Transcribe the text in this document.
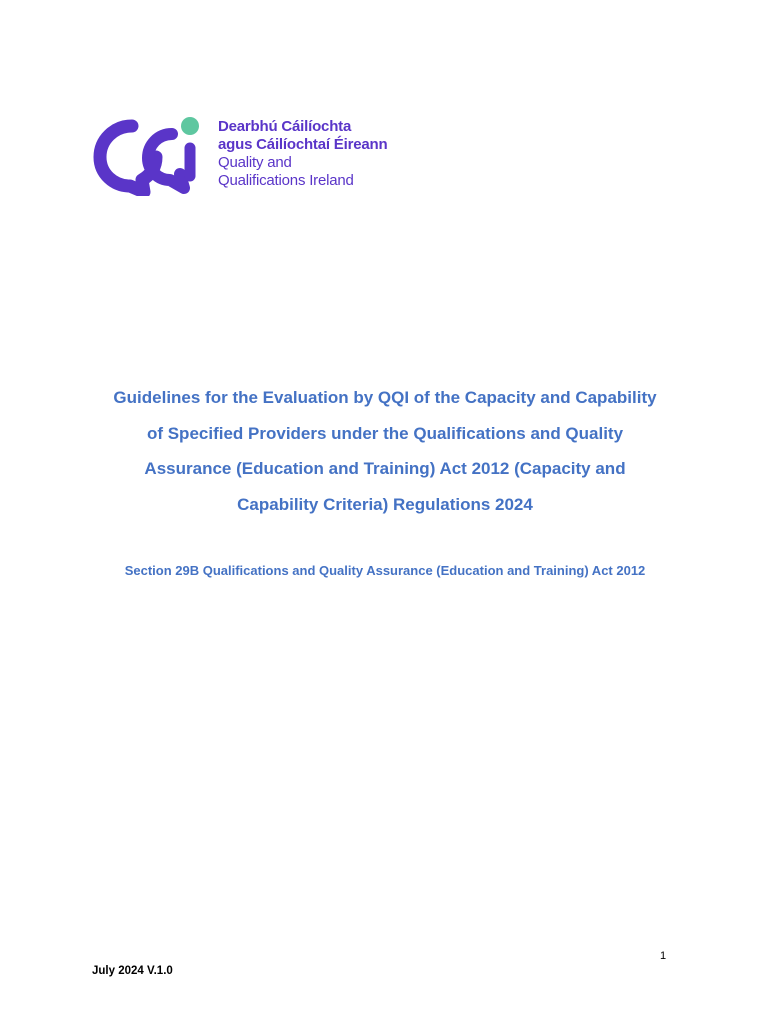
Dearbhú Cáilíochta
agus Cáilíochtaí Éireann
Quality and
Qualifications Ireland
Guidelines for the Evaluation by QQI of the Capacity and Capability
of Specified Providers under the Qualifications and Quality
Assurance (Education and Training) Act 2012 (Capacity and
Capability Criteria) Regulations 2024
Section 29B Qualifications and Quality Assurance (Education and Training) Act 2012
1
July 2024 V.1.0
